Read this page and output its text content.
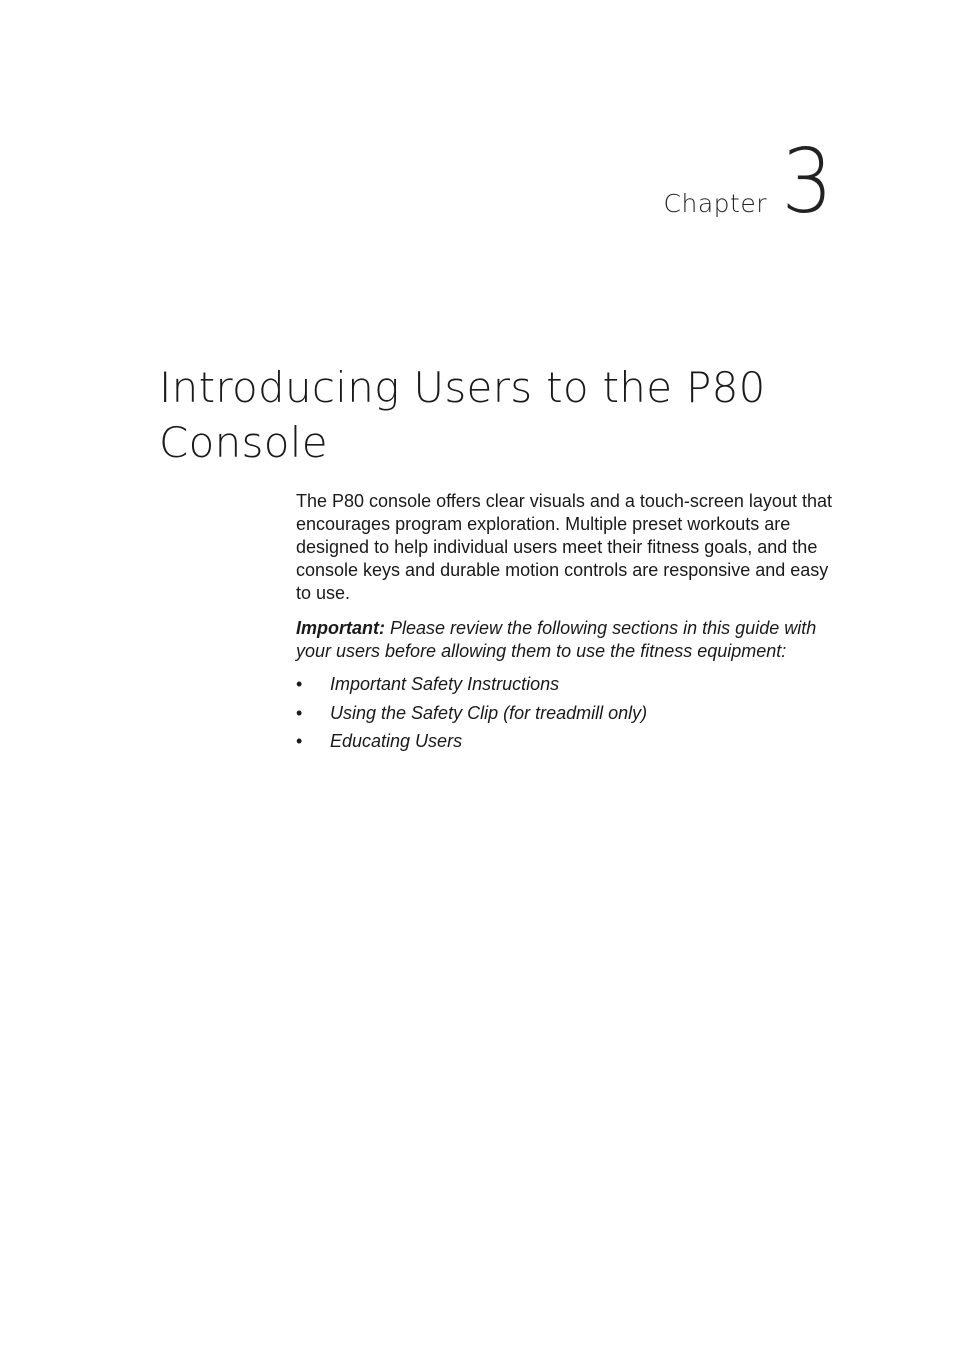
Chapter 3
Introducing Users to the P80 Console

The P80 console offers clear visuals and a touch-screen layout that encourages program exploration. Multiple preset workouts are designed to help individual users meet their fitness goals, and the console keys and durable motion controls are responsive and easy to use.

Important: Please review the following sections in this guide with your users before allowing them to use the fitness equipment:

• Important Safety Instructions
• Using the Safety Clip (for treadmill only)
• Educating Users
